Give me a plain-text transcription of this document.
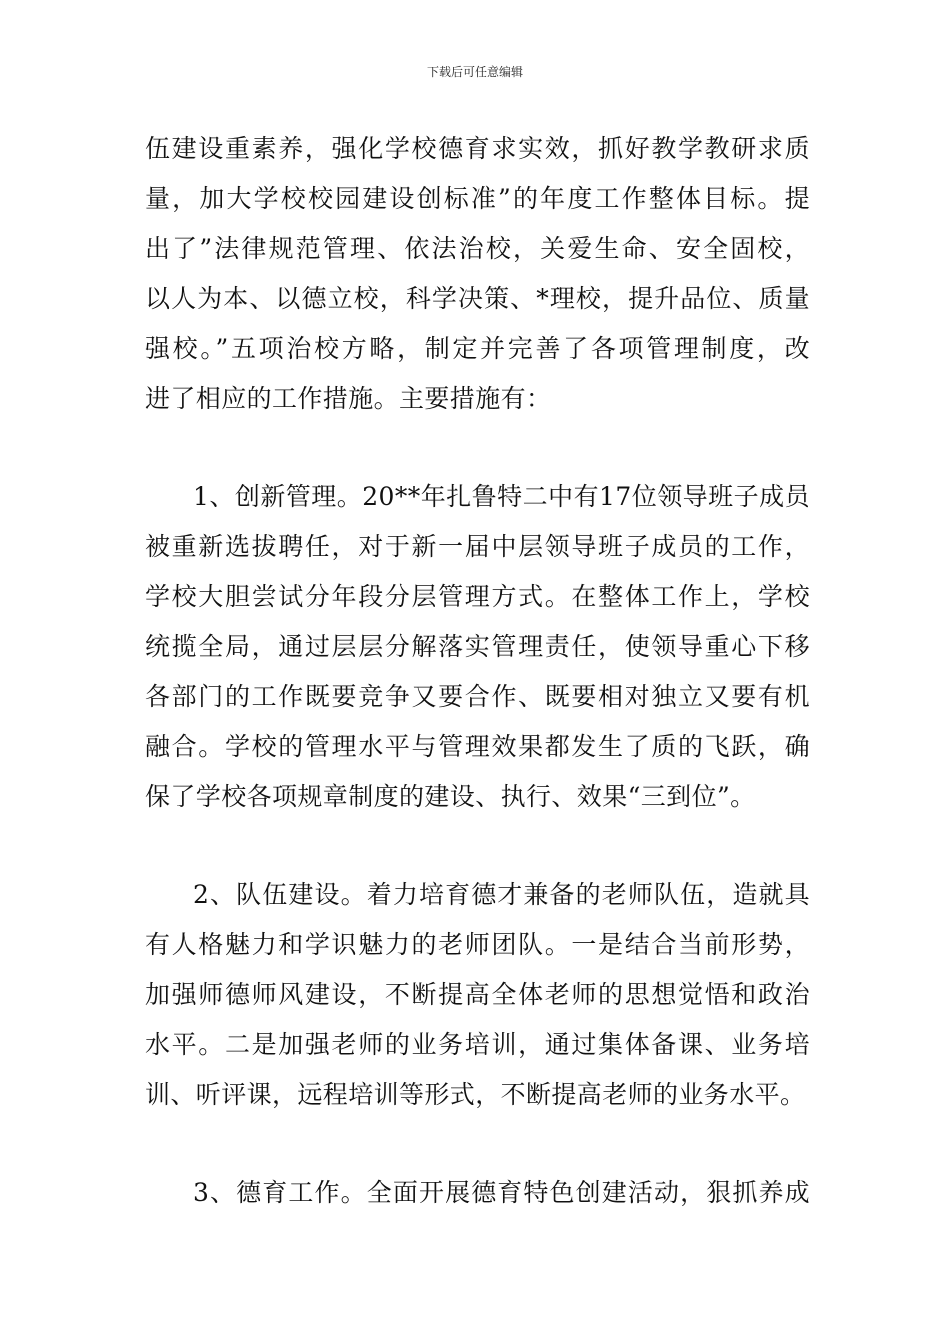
下载后可任意编辑
伍建设重素养，强化学校德育求实效，抓好教学教研求质
量，加大学校校园建设创标准”的年度工作整体目标。提
出了”法律规范管理、依法治校，关爱生命、安全固校，
以人为本、以德立校，科学决策、*理校，提升品位、质量
强校。”五项治校方略，制定并完善了各项管理制度，改
进了相应的工作措施。主要措施有：
1、创新管理。20**年扎鲁特二中有17位领导班子成员
被重新选拔聘任，对于新一届中层领导班子成员的工作，
学校大胆尝试分年段分层管理方式。在整体工作上，学校
统揽全局，通过层层分解落实管理责任，使领导重心下移
各部门的工作既要竞争又要合作、既要相对独立又要有机
融合。学校的管理水平与管理效果都发生了质的飞跃，确
保了学校各项规章制度的建设、执行、效果“三到位”。
2、队伍建设。着力培育德才兼备的老师队伍，造就具
有人格魅力和学识魅力的老师团队。一是结合当前形势，
加强师德师风建设，不断提高全体老师的思想觉悟和政治
水平。二是加强老师的业务培训，通过集体备课、业务培
训、听评课，远程培训等形式，不断提高老师的业务水平。
3、德育工作。全面开展德育特色创建活动，狠抓养成
